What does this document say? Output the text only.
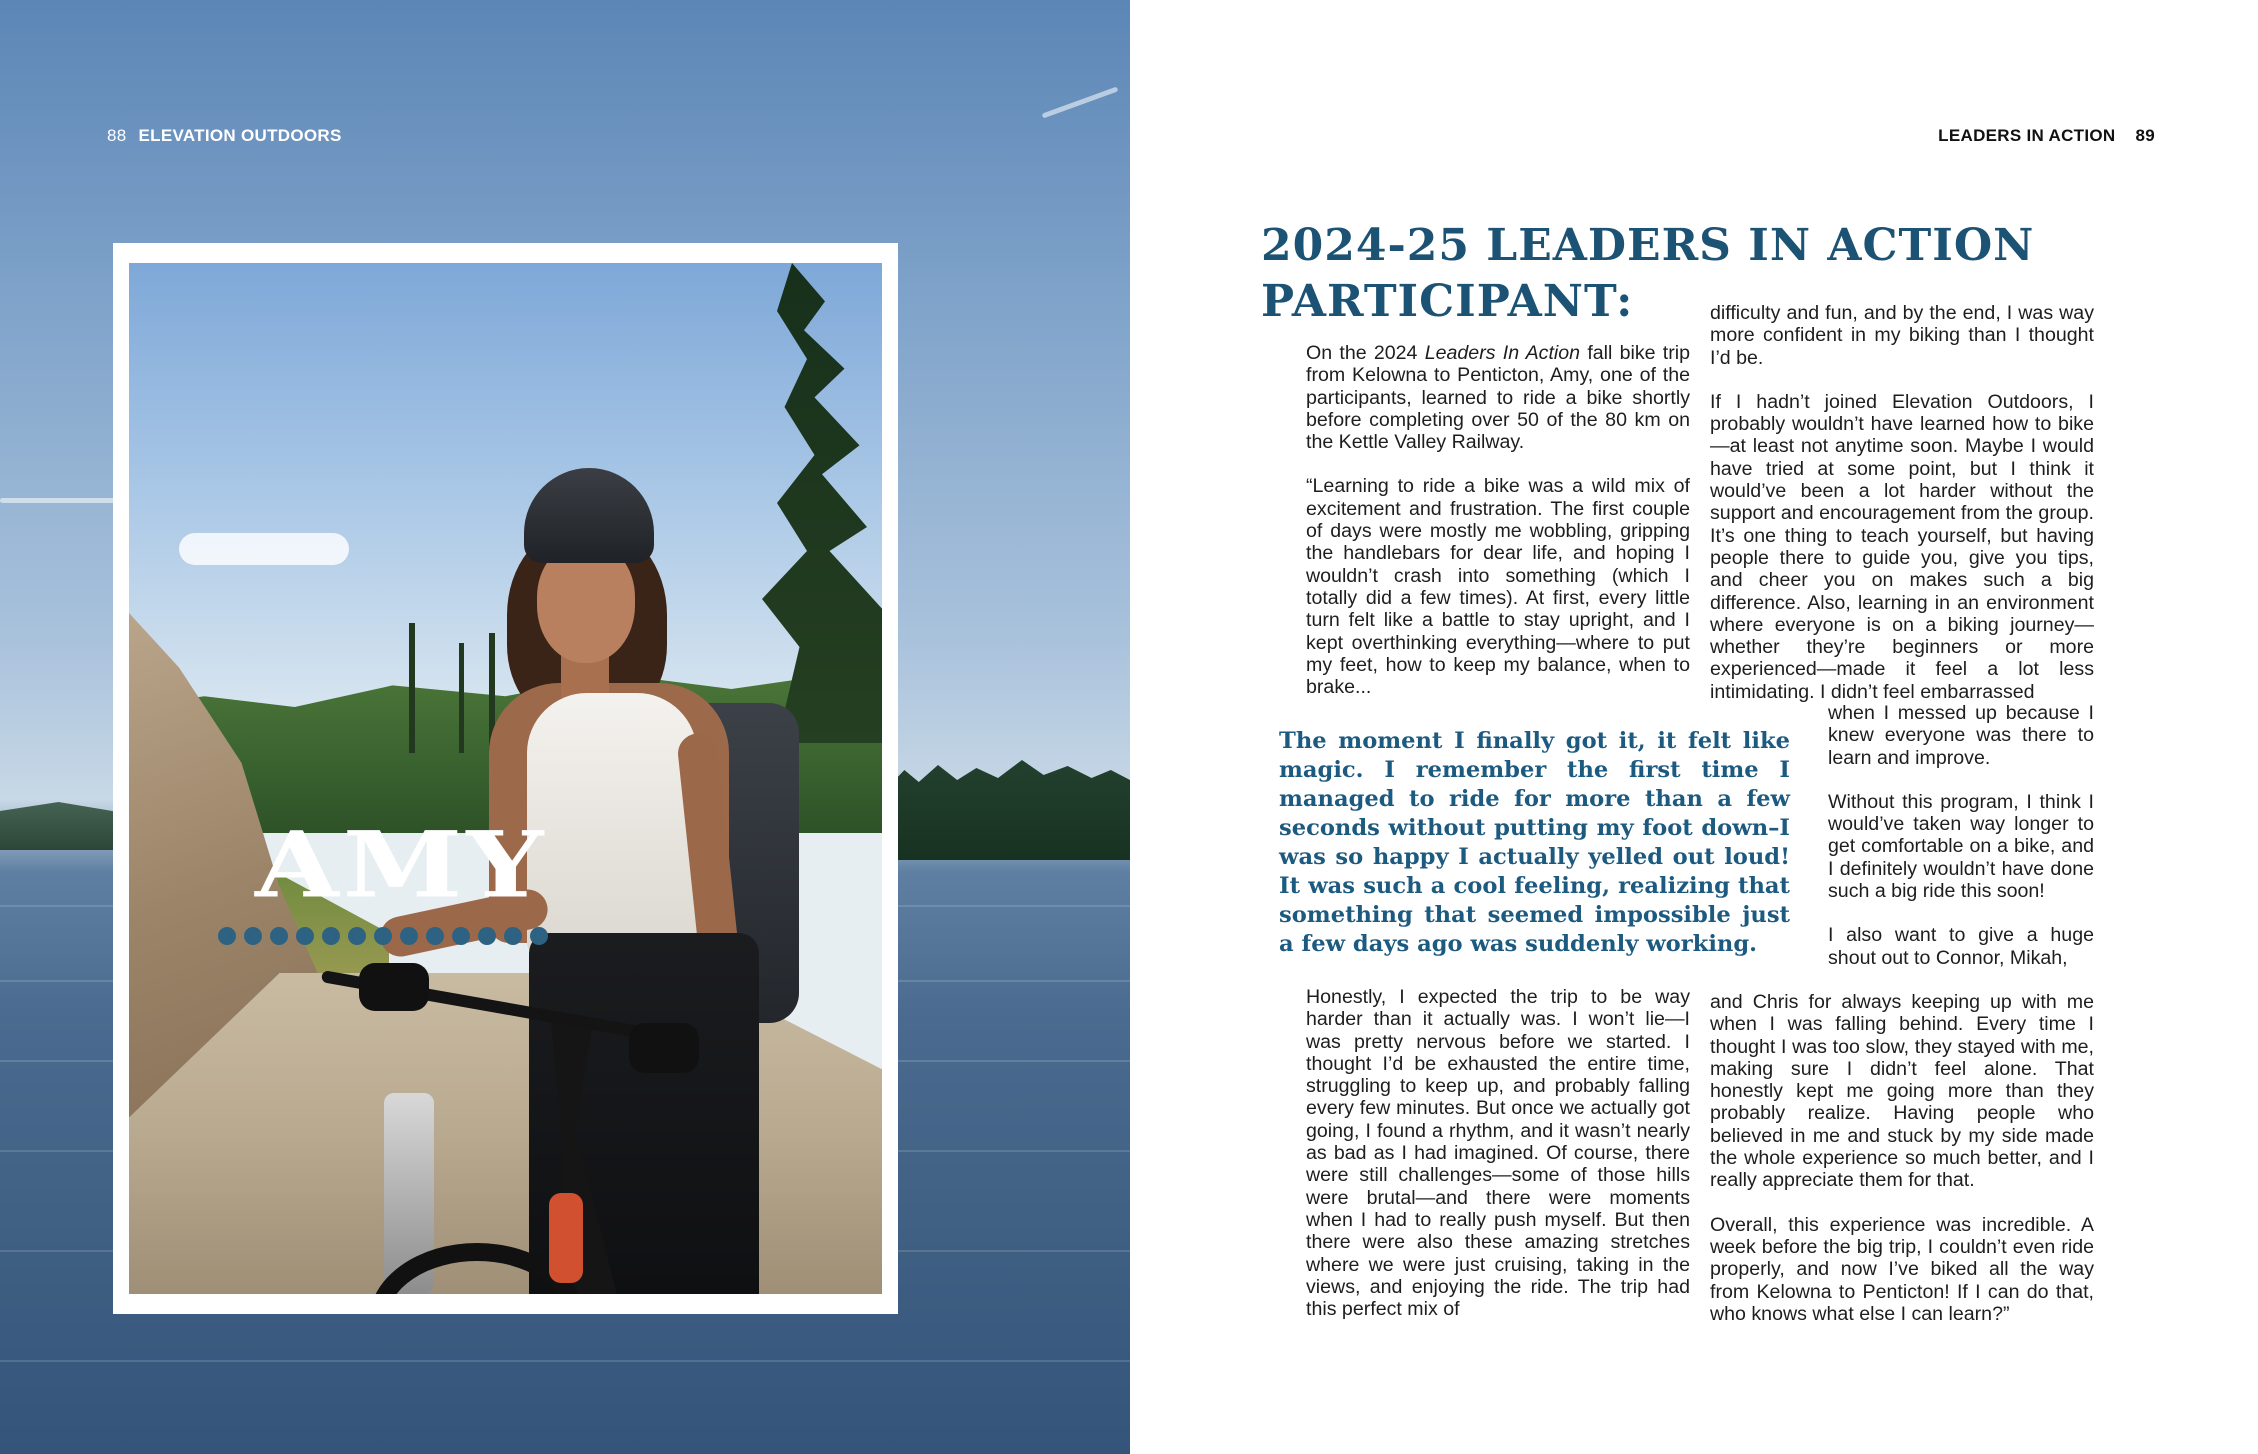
88 ELEVATION OUTDOORS
AMY
LEADERS IN ACTION 89
2024-25 LEADERS IN ACTION PARTICIPANT:

On the 2024 Leaders In Action fall bike trip from Kelowna to Penticton, Amy, one of the participants, learned to ride a bike shortly before completing over 50 of the 80 km on the Kettle Valley Railway.

“Learning to ride a bike was a wild mix of excitement and frustration. The first couple of days were mostly me wobbling, gripping the handlebars for dear life, and hoping I wouldn’t crash into something (which I totally did a few times). At first, every little turn felt like a battle to stay upright, and I kept overthinking everything—where to put my feet, how to keep my balance, when to brake...

The moment I finally got it, it felt like magic. I remember the first time I managed to ride for more than a few seconds without putting my foot down–I was so happy I actually yelled out loud! It was such a cool feeling, realizing that something that seemed impossible just a few days ago was suddenly working.

Honestly, I expected the trip to be way harder than it actually was. I won’t lie—I was pretty nervous before we started. I thought I’d be exhausted the entire time, struggling to keep up, and probably falling every few minutes. But once we actually got going, I found a rhythm, and it wasn’t nearly as bad as I had imagined. Of course, there were still challenges—some of those hills were brutal—and there were moments when I had to really push myself. But then there were also these amazing stretches where we were just cruising, taking in the views, and enjoying the ride. The trip had this perfect mix of

difficulty and fun, and by the end, I was way more confident in my biking than I thought I’d be.

If I hadn’t joined Elevation Outdoors, I probably wouldn’t have learned how to bike—at least not anytime soon. Maybe I would have tried at some point, but I think it would’ve been a lot harder without the support and encouragement from the group. It’s one thing to teach yourself, but having people there to guide you, give you tips, and cheer you on makes such a big difference. Also, learning in an environment where everyone is on a biking journey—whether they’re beginners or more experienced—made it feel a lot less intimidating. I didn’t feel embarrassed

when I messed up because I knew everyone was there to learn and improve.

Without this program, I think I would’ve taken way longer to get comfortable on a bike, and I definitely wouldn’t have done such a big ride this soon!

I also want to give a huge shout out to Connor, Mikah,

and Chris for always keeping up with me when I was falling behind. Every time I thought I was too slow, they stayed with me, making sure I didn’t feel alone. That honestly kept me going more than they probably realize. Having people who believed in me and stuck by my side made the whole experience so much better, and I really appreciate them for that.

Overall, this experience was incredible. A week before the big trip, I couldn’t even ride properly, and now I’ve biked all the way from Kelowna to Penticton! If I can do that, who knows what else I can learn?”
